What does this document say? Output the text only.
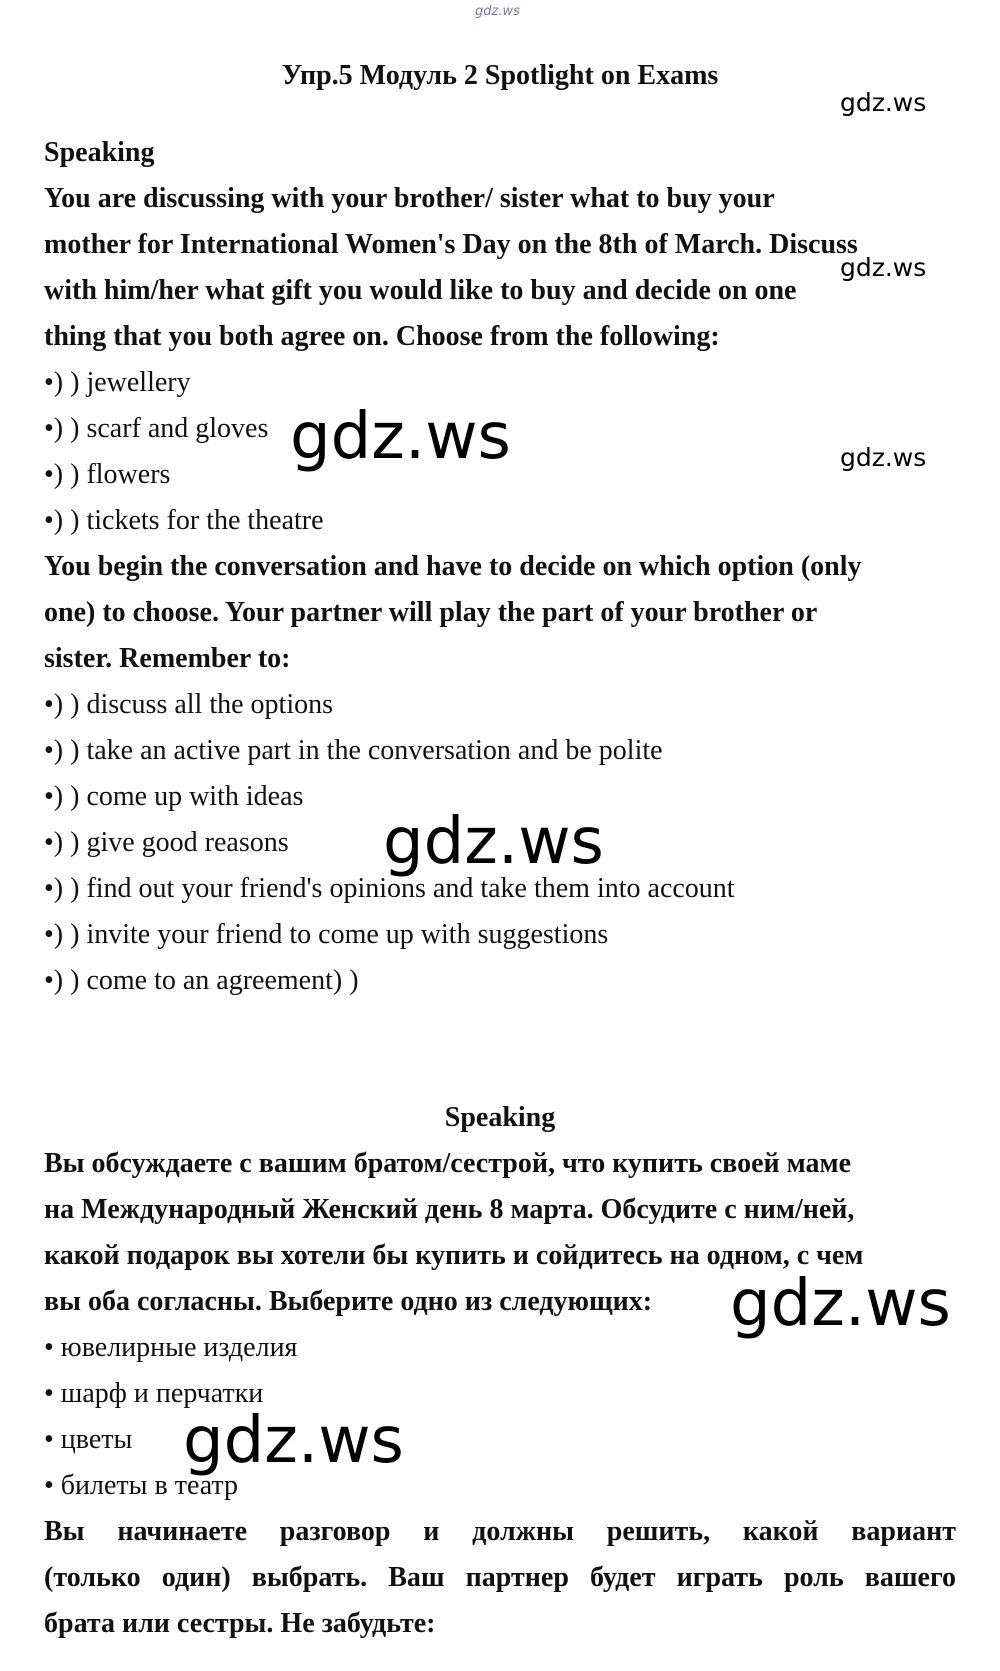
gdz.ws
Упр.5 Модуль 2 Spotlight on Exams
Speaking
You are discussing with your brother/ sister what to buy your
mother for International Women's Day on the 8th of March. Discuss
with him/her what gift you would like to buy and decide on one
thing that you both agree on. Choose from the following:
•) ) jewellery
•) ) scarf and gloves
•) ) flowers
•) ) tickets for the theatre
You begin the conversation and have to decide on which option (only
one) to choose. Your partner will play the part of your brother or
sister. Remember to:
•) ) discuss all the options
•) ) take an active part in the conversation and be polite
•) ) come up with ideas
•) ) give good reasons
•) ) find out your friend's opinions and take them into account
•) ) invite your friend to come up with suggestions
•) ) come to an agreement) )
Speaking
Вы обсуждаете с вашим братом/сестрой, что купить своей маме
на Международный Женский день 8 марта. Обсудите с ним/ней,
какой подарок вы хотели бы купить и сойдитесь на одном, с чем
вы оба согласны. Выберите одно из следующих:
• ювелирные изделия
• шарф и перчатки
• цветы
• билеты в театр
Вы начинаете разговор и должны решить, какой вариант
(только один) выбрать. Ваш партнер будет играть роль вашего
брата или сестры. Не забудьте:
gdz.ws
gdz.ws
gdz.ws
gdz.ws
gdz.ws
gdz.ws
gdz.ws
